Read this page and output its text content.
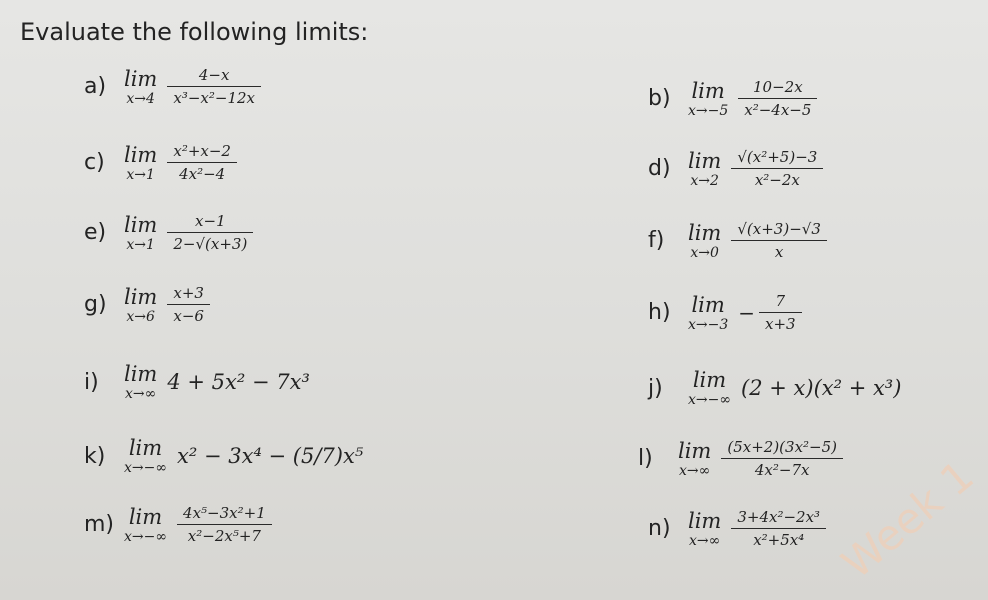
Evaluate the following limits:
a) lim
$x\to 4 \frac{4-x}{\text{x³−x²−12x}}$	b) lim
$x\to-5 \frac{10-2x}{\text{x²−4x−5}}$
c) lim
$x\to 1 \frac{\text{x²+x−2}}{\text{4x²−4}}$	d) lim
$x\to 2 \frac{\text{√(x²+5)−3}}{\text{x²−2x}}$
e) lim
$x\to 1 \frac{x-1}{2-√(x+3)}$	f)	lim
$x\to 0 \frac{√(x+3)-√3}{x}$
g) lim
$x\to 6 \frac{x+3}{x-6}$	h) lim
$x\to-3 - \frac{7}{x+3}$
i)	lim
x→∞ 4 + 5x² − 7x³	j)	lim
x→−∞ (2 + x)(x² + x³)
k)	lim
x→−∞ x² − 3x⁴ − (5/7)x⁵	l)	lim
$x\to\infty \frac{\text{(5x+2)(3x²−5)}}{\text{4x²−7x}}$
m) lim
$x\to-\infty \frac{\text{4x⁵−3x²+1}}{\text{x²−2x⁵+7}}$	n) lim
$x\to\infty \frac{\text{3+4x²−2x³}}{\text{x²+5x⁴}}$ Week 1
